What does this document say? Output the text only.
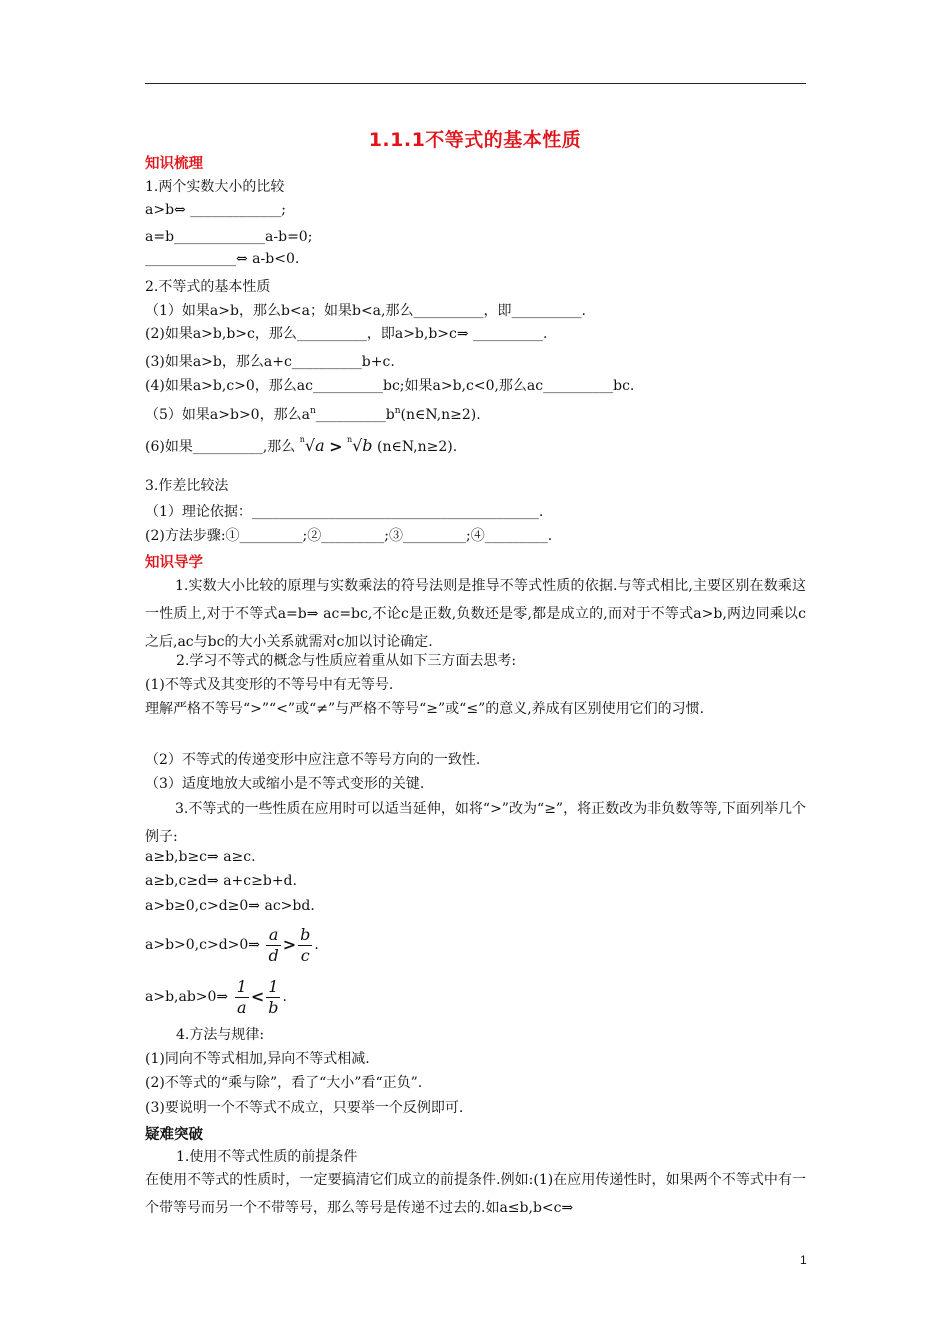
1.1.1不等式的基本性质
知识梳理
1.两个实数大小的比较
a>b⇔ _____________;
a=b_____________a-b=0;
_____________⇔ a-b<0.
2.不等式的基本性质
（1）如果a>b，那么b<a；如果b<a,那么__________，即__________.
(2)如果a>b,b>c，那么__________，即a>b,b>c⇒ __________.
(3)如果a>b，那么a+c__________b+c.
(4)如果a>b,c>0，那么ac__________bc;如果a>b,c<0,那么ac__________bc.
（5）如果a>b>0，那么$a^n\_\_\_\_\_\_\_\_\_\_b^n(n\in N,n\ge 2)$.
(6)如果__________,那么 $^n$√a > $^n$√b (n∈N,n≥2).
3.作差比较法
（1）理论依据：_________________________________________.
(2)方法步骤:①_________;②_________;③_________;④_________.
知识导学
1.实数大小比较的原理与实数乘法的符号法则是推导不等式性质的依据.与等式相比,主要区别在数乘这一性质上,对于不等式a=b⇒ ac=bc,不论c是正数,负数还是零,都是成立的,而对于不等式a>b,两边同乘以c之后,ac与bc的大小关系就需对c加以讨论确定.
2.学习不等式的概念与性质应着重从如下三方面去思考:
(1)不等式及其变形的不等号中有无等号.
理解严格不等号“>”“<”或“≠”与严格不等号“≥”或“≤”的意义,养成有区别使用它们的习惯.
（2）不等式的传递变形中应注意不等号方向的一致性.
（3）适度地放大或缩小是不等式变形的关键.
3.不等式的一些性质在应用时可以适当延伸，如将“>”改为“≥”，将正数改为非负数等等,下面列举几个例子:
a≥b,b≥c⇒ a≥c.
a≥b,c≥d⇒ a+c≥b+d.
a>b≥0,c>d≥0⇒ ac>bd.
a>b>0,c>d>0⇒ $\frac{a}{d} > \frac{b}{c}$ .
a>b,ab>0⇒ $\frac{1}{a} < \frac{1}{b}$ .
4.方法与规律:
(1)同向不等式相加,异向不等式相减.
(2)不等式的“乘与除”，看了“大小”看“正负”.
(3)要说明一个不等式不成立，只要举一个反例即可.
疑难突破
1.使用不等式性质的前提条件
在使用不等式的性质时，一定要搞清它们成立的前提条件.例如:(1)在应用传递性时，如果两个不等式中有一个带等号而另一个不带等号，那么等号是传递不过去的.如a≤b,b<c⇒
1
